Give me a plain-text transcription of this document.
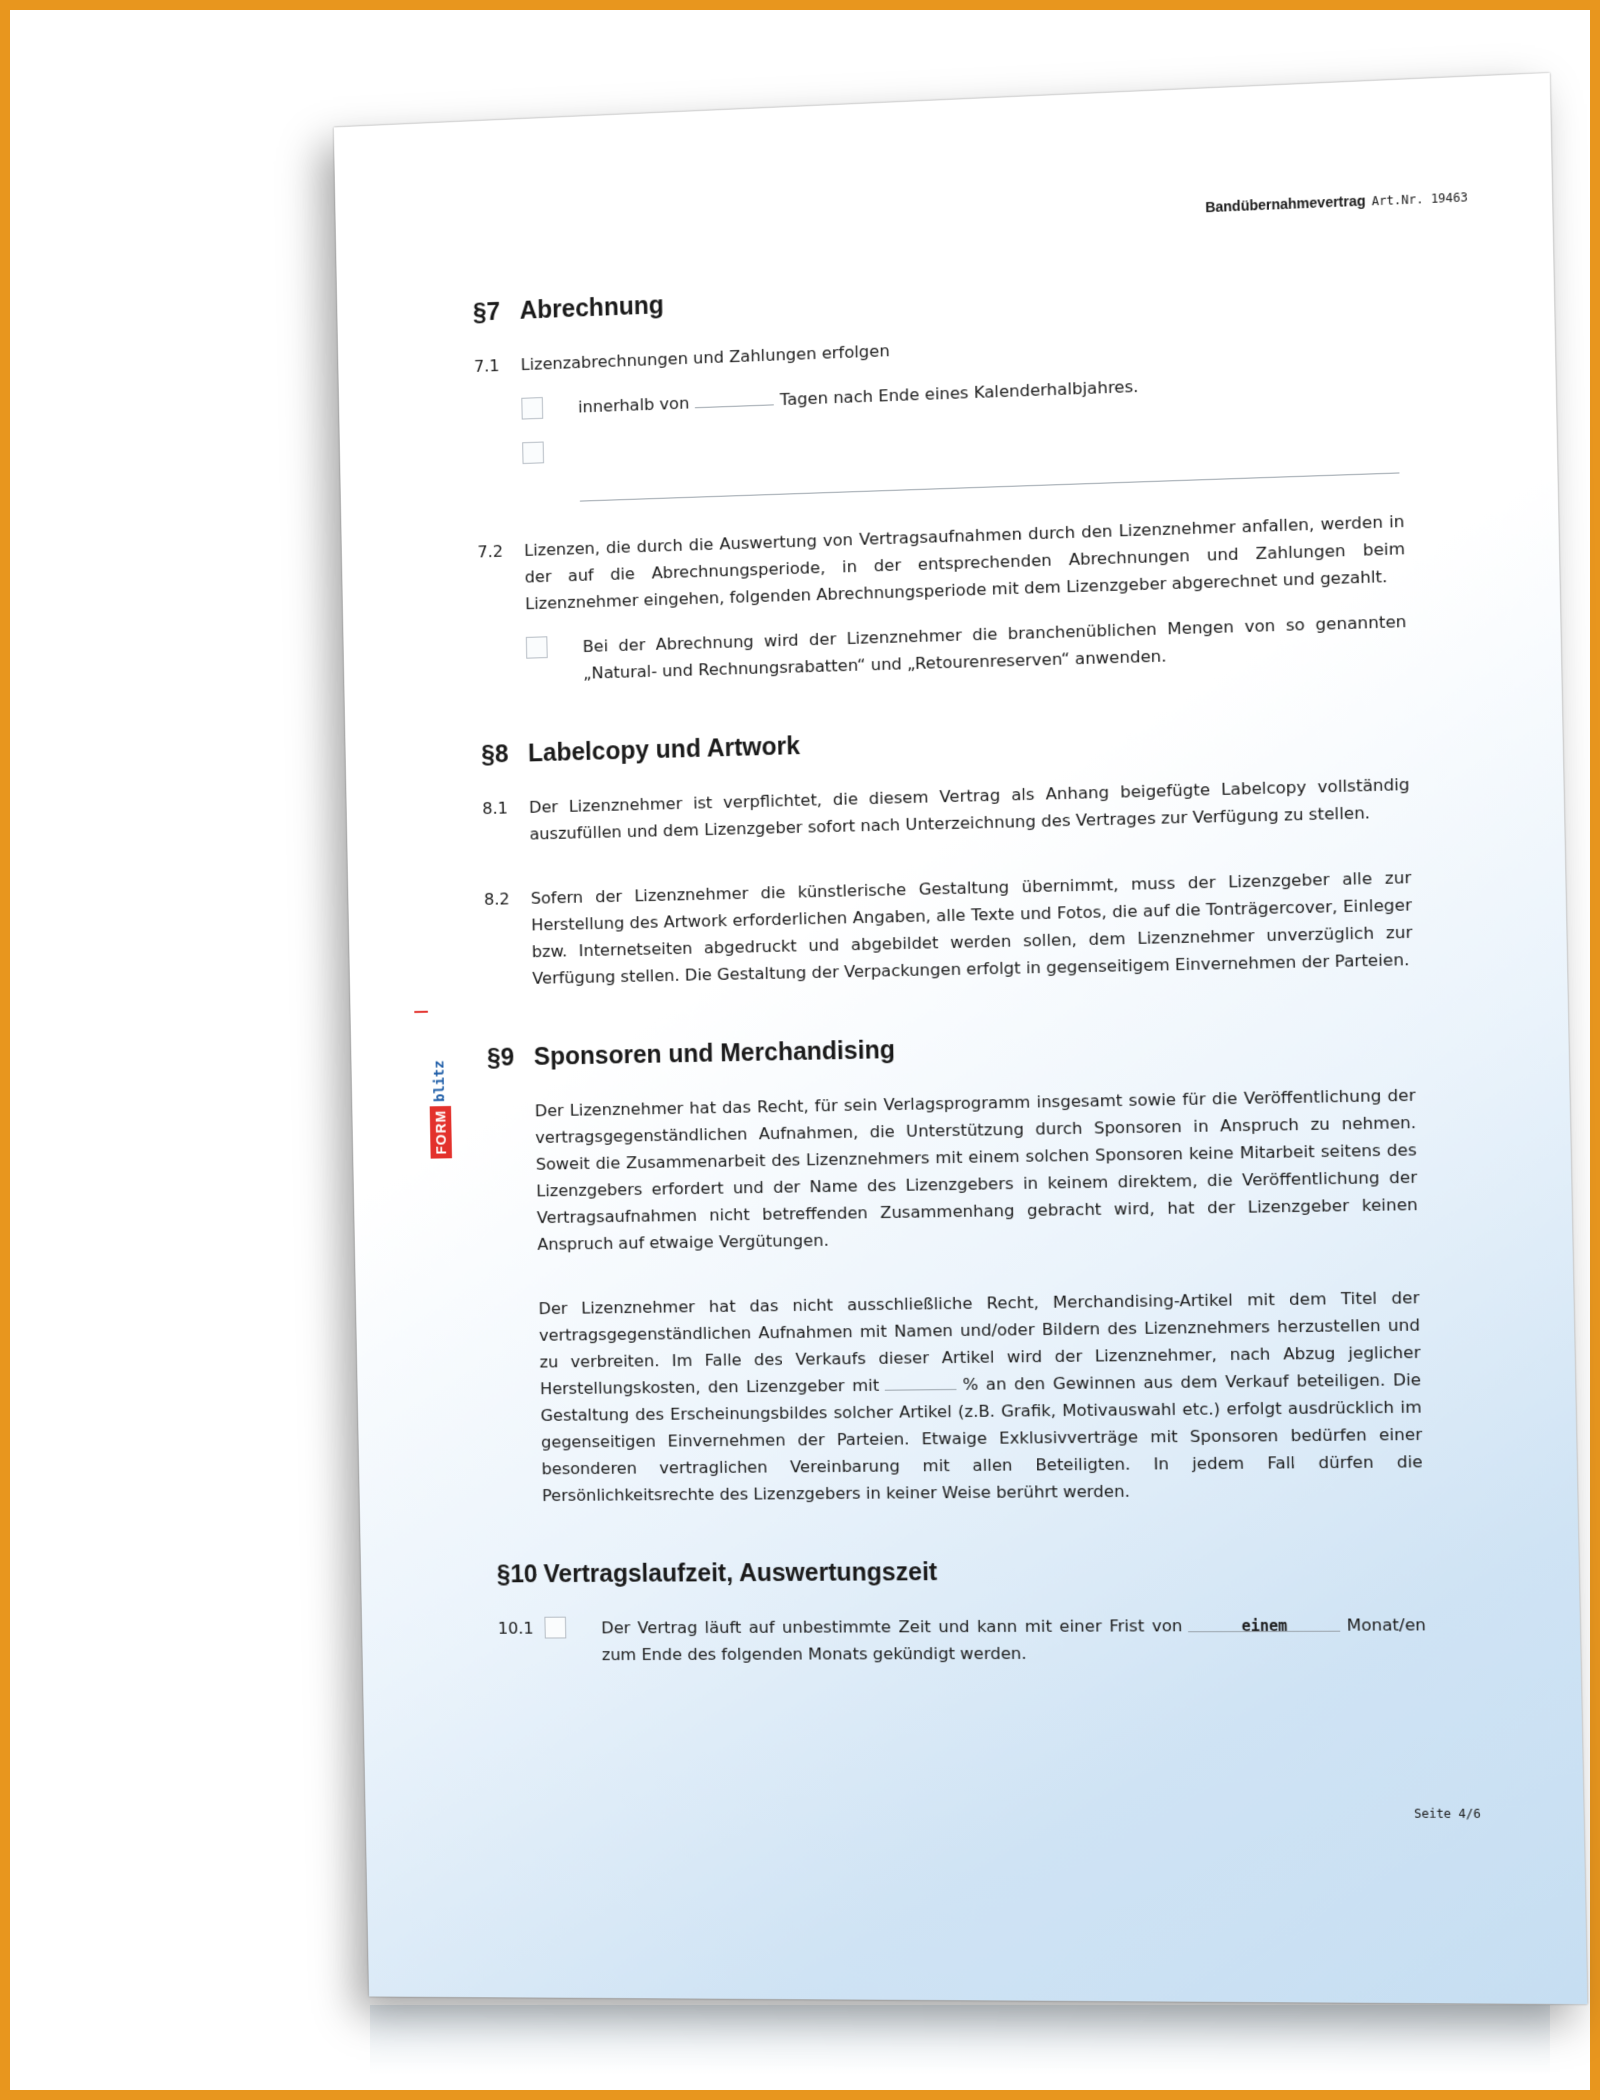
Bandübernahmevertrag Art.Nr. 19463
FORM
blitz
§7 Abrechnung
7.1	Lizenzabrechnungen und Zahlungen erfolgen
innerhalb von	Tagen nach Ende eines Kalenderhalbjahres.
7.2	Lizenzen, die durch die Auswertung von Vertragsaufnahmen durch den Lizenznehmer anfallen, werden in der auf die Abrechnungsperiode, in der entsprechenden Abrechnungen und Zahlungen beim Lizenznehmer eingehen, folgenden Abrechnungsperiode mit dem Lizenzgeber abgerechnet und gezahlt.
Bei der Abrechnung wird der Lizenznehmer die branchenüblichen Mengen von so genannten „Natural- und Rechnungsrabatten“ und „Retourenreserven“ anwenden.
§8 Labelcopy und Artwork
8.1	Der Lizenznehmer ist verpflichtet, die diesem Vertrag als Anhang beigefügte Labelcopy vollständig auszufüllen und dem Lizenzgeber sofort nach Unterzeichnung des Vertrages zur Verfügung zu stellen.
8.2	Sofern der Lizenznehmer die künstlerische Gestaltung übernimmt, muss der Lizenzgeber alle zur Herstellung des Artwork erforderlichen Angaben, alle Texte und Fotos, die auf die Tonträgercover, Einleger bzw. Internetseiten abgedruckt und abgebildet werden sollen, dem Lizenznehmer unverzüglich zur Verfügung stellen. Die Gestaltung der Verpackungen erfolgt in gegenseitigem Einvernehmen der Parteien.
§9 Sponsoren und Merchandising
Der Lizenznehmer hat das Recht, für sein Verlagsprogramm insgesamt sowie für die Veröffentlichung der vertragsgegenständlichen Aufnahmen, die Unterstützung durch Sponsoren in Anspruch zu nehmen. Soweit die Zusammenarbeit des Lizenznehmers mit einem solchen Sponsoren keine Mitarbeit seitens des Lizenzgebers erfordert und der Name des Lizenzgebers in keinem direktem, die Veröffentlichung der Vertragsaufnahmen nicht betreffenden Zusammenhang gebracht wird, hat der Lizenzgeber keinen Anspruch auf etwaige Vergütungen.
Der Lizenznehmer hat das nicht ausschließliche Recht, Merchandising-Artikel mit dem Titel der vertragsgegenständlichen Aufnahmen mit Namen und/oder Bildern des Lizenznehmers herzustellen und zu verbreiten. Im Falle des Verkaufs dieser Artikel wird der Lizenznehmer, nach Abzug jeglicher Herstellungskosten, den Lizenzgeber mit	% an den Gewinnen aus dem Verkauf beteiligen. Die Gestaltung des Erscheinungsbildes solcher Artikel (z.B. Grafik, Motivauswahl etc.) erfolgt ausdrücklich im gegenseitigen Einvernehmen der Parteien. Etwaige Exklusivverträge mit Sponsoren bedürfen einer besonderen vertraglichen Vereinbarung mit allen Beteiligten. In jedem Fall dürfen die Persönlichkeitsrechte des Lizenzgebers in keiner Weise berührt werden.
§10 Vertragslaufzeit, Auswertungszeit
10.1	Der Vertrag läuft auf unbestimmte Zeit und kann mit einer Frist von	einem	Monat/en zum Ende des folgenden Monats gekündigt werden.
Seite 4/6
